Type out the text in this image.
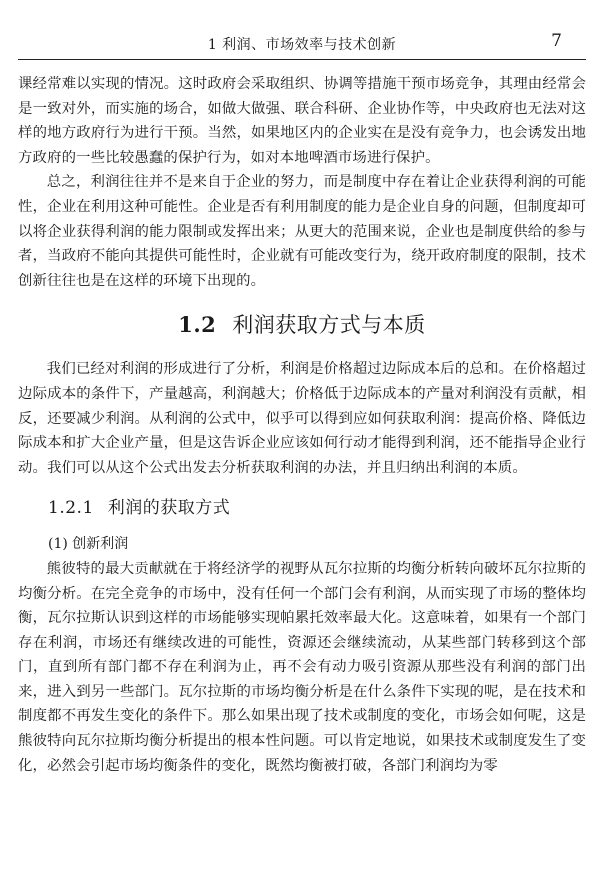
1 利润、市场效率与技术创新	7

课经常难以实现的情况。这时政府会采取组织、协调等措施干预市场竞争，其理由经常会是一致对外，而实施的场合，如做大做强、联合科研、企业协作等，中央政府也无法对这样的地方政府行为进行干预。当然，如果地区内的企业实在是没有竞争力，也会诱发出地方政府的一些比较愚蠢的保护行为，如对本地啤酒市场进行保护。

总之，利润往往并不是来自于企业的努力，而是制度中存在着让企业获得利润的可能性，企业在利用这种可能性。企业是否有利用制度的能力是企业自身的问题，但制度却可以将企业获得利润的能力限制或发挥出来；从更大的范围来说，企业也是制度供给的参与者，当政府不能向其提供可能性时，企业就有可能改变行为，绕开政府制度的限制，技术创新往往也是在这样的环境下出现的。

1.2 利润获取方式与本质

我们已经对利润的形成进行了分析，利润是价格超过边际成本后的总和。在价格超过边际成本的条件下，产量越高，利润越大；价格低于边际成本的产量对利润没有贡献，相反，还要减少利润。从利润的公式中，似乎可以得到应如何获取利润：提高价格、降低边际成本和扩大企业产量，但是这告诉企业应该如何行动才能得到利润，还不能指导企业行动。我们可以从这个公式出发去分析获取利润的办法，并且归纳出利润的本质。

1.2.1 利润的获取方式
(1) 创新利润

熊彼特的最大贡献就在于将经济学的视野从瓦尔拉斯的均衡分析转向破坏瓦尔拉斯的均衡分析。在完全竞争的市场中，没有任何一个部门会有利润，从而实现了市场的整体均衡，瓦尔拉斯认识到这样的市场能够实现帕累托效率最大化。这意味着，如果有一个部门存在利润，市场还有继续改进的可能性，资源还会继续流动，从某些部门转移到这个部门，直到所有部门都不存在利润为止，再不会有动力吸引资源从那些没有利润的部门出来，进入到另一些部门。瓦尔拉斯的市场均衡分析是在什么条件下实现的呢，是在技术和制度都不再发生变化的条件下。那么如果出现了技术或制度的变化，市场会如何呢，这是熊彼特向瓦尔拉斯均衡分析提出的根本性问题。可以肯定地说，如果技术或制度发生了变化，必然会引起市场均衡条件的变化，既然均衡被打破，各部门利润均为零
